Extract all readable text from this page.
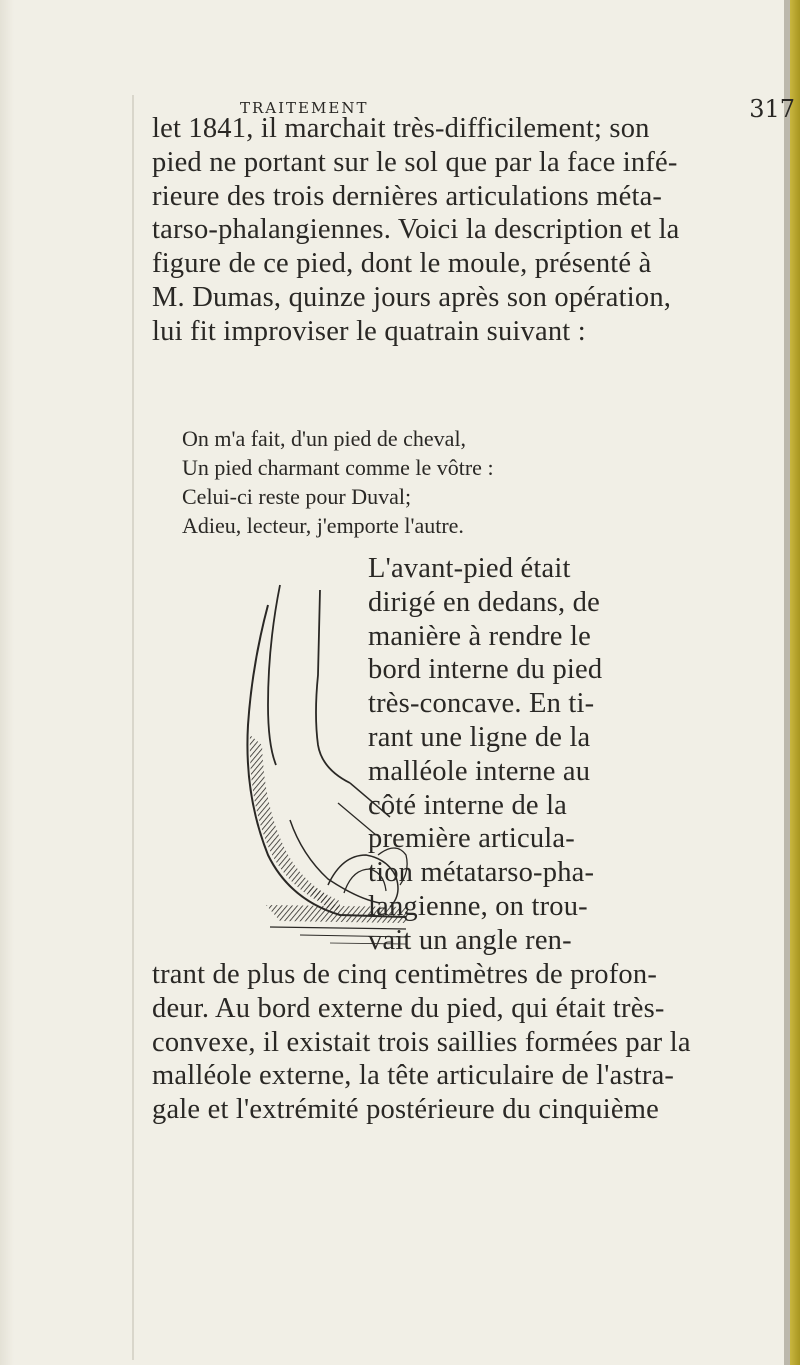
TRAITEMENT	317

let 1841, il marchait très-difficilement; son
pied ne portant sur le sol que par la face infé-
rieure des trois dernières articulations méta-
tarso-phalangiennes. Voici la description et la
figure de ce pied, dont le moule, présenté à
M. Dumas, quinze jours après son opération,
lui fit improviser le quatrain suivant :

On m'a fait, d'un pied de cheval,
Un pied charmant comme le vôtre :
Celui-ci reste pour Duval;
Adieu, lecteur, j'emporte l'autre.

L'avant-pied était
dirigé en dedans, de
manière à rendre le
bord interne du pied
très-concave. En ti-
rant une ligne de la
malléole interne au
côté interne de la
première articula-
tion métatarso-pha-
langienne, on trou-
vait un angle ren-

trant de plus de cinq centimètres de profon-
deur. Au bord externe du pied, qui était très-
convexe, il existait trois saillies formées par la
malléole externe, la tête articulaire de l'astra-
gale et l'extrémité postérieure du cinquième
